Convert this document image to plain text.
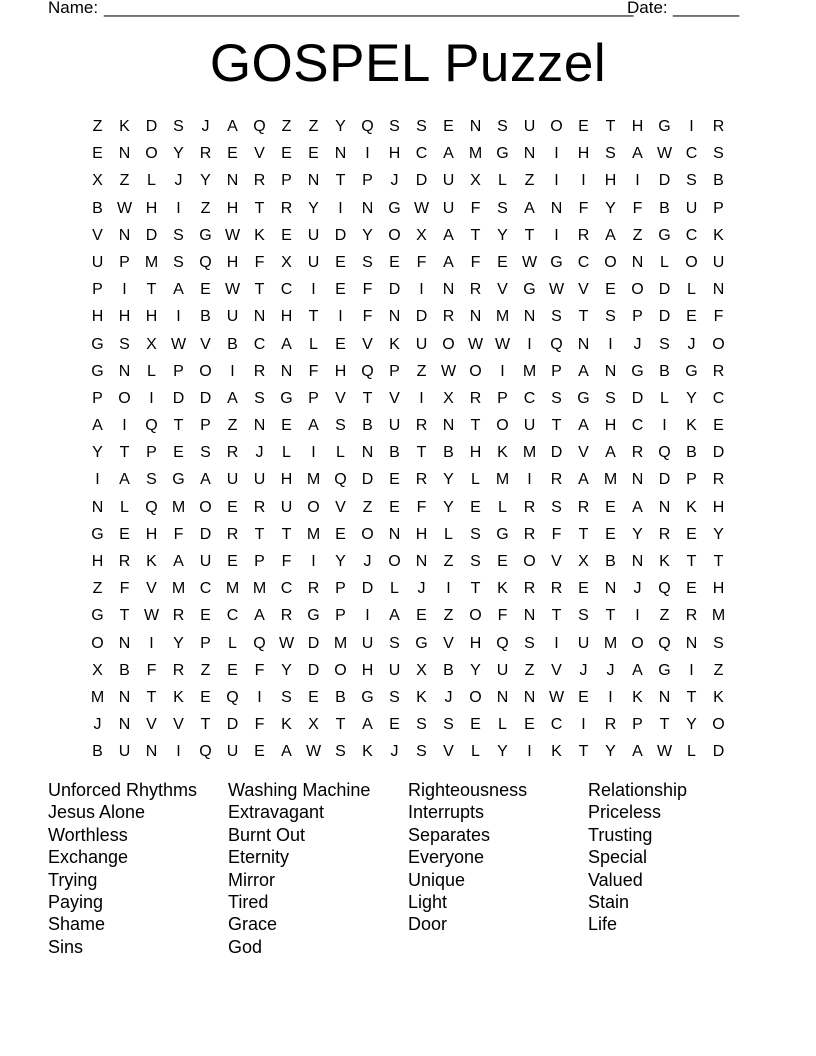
Name: ________________________________________________________
Date: _______
GOSPEL Puzzel
Z	K D S	J	A Q Z	Z	Y Q S	S	E N S U O E	T	H G	I	R
E N O Y R E	V	E	E N	I	H C A M G N	I	H S	A W C S
X	Z	L	J	Y N R P N	T	P	J	D U X	L	Z	I	I	H	I	D S	B
B W H	I	Z	H	T	R Y	I	N G W U	F	S	A N	F	Y	F	B U P
V N D S G W K	E U D Y O X	A	T	Y	T	I	R A	Z G C K
U P M S Q H	F	X U E	S	E	F	A	F	E W G C O N	L	O U
P	I	T	A	E W T	C	I	E	F	D	I	N R V G W V	E O D	L	N
H H H	I	B U N H	T	I	F	N D R N M N S	T	S	P D E	F
G S	X W V	B C A	L	E	V	K U O W W	I	Q N	I	J	S	J	O
G N	L	P O	I	R N	F	H Q P	Z W O	I	M P	A N G B G R
P O	I	D D A	S G P	V	T	V	I	X R P C S G S D	L	Y C
A	I	Q T	P	Z	N E	A	S	B U R N	T O U	T	A H C	I	K	E
Y	T	P	E	S R	J	L	I	L	N B	T	B H K M D V	A R Q B D
I	A	S G A U U H M Q D E R Y	L M	I	R A M N D P R
N	L	Q M O E R U O V	Z	E	F	Y	E	L	R S R E	A N K H
G E H	F	D R	T	T M E O N H	L	S G R	F	T	E	Y R E	Y
H R K	A U E	P	F	I	Y	J	O N	Z	S	E O V	X	B N K	T	T
Z	F	V M C M M C R P D	L	J	I	T	K R R E N	J	Q E H
G T W R E C A R G P	I	A	E	Z O F	N	T	S	T	I	Z	R M
O N	I	Y	P	L	Q W D M U S G V H Q S	I	U M O Q N S
X	B	F	R	Z	E	F	Y D O H U X	B	Y U	Z	V	J	J	A G	I	Z
M N	T	K	E Q	I	S	E	B G S	K	J	O N N W E	I	K N	T	K
J	N V	V	T	D	F	K	X	T	A	E	S	S	E	L	E C	I	R P	T	Y O
B U N	I	Q U E	A W S	K	J	S	V	L	Y	I	K	T	Y	A W L	D
Unforced Rhythms
Jesus Alone
Worthless
Exchange
Trying
Paying
Shame
Sins
Washing Machine
Extravagant
Burnt Out
Eternity
Mirror
Tired
Grace
God
Righteousness
Interrupts
Separates
Everyone
Unique
Light
Door
Relationship
Priceless
Trusting
Special
Valued
Stain
Life
